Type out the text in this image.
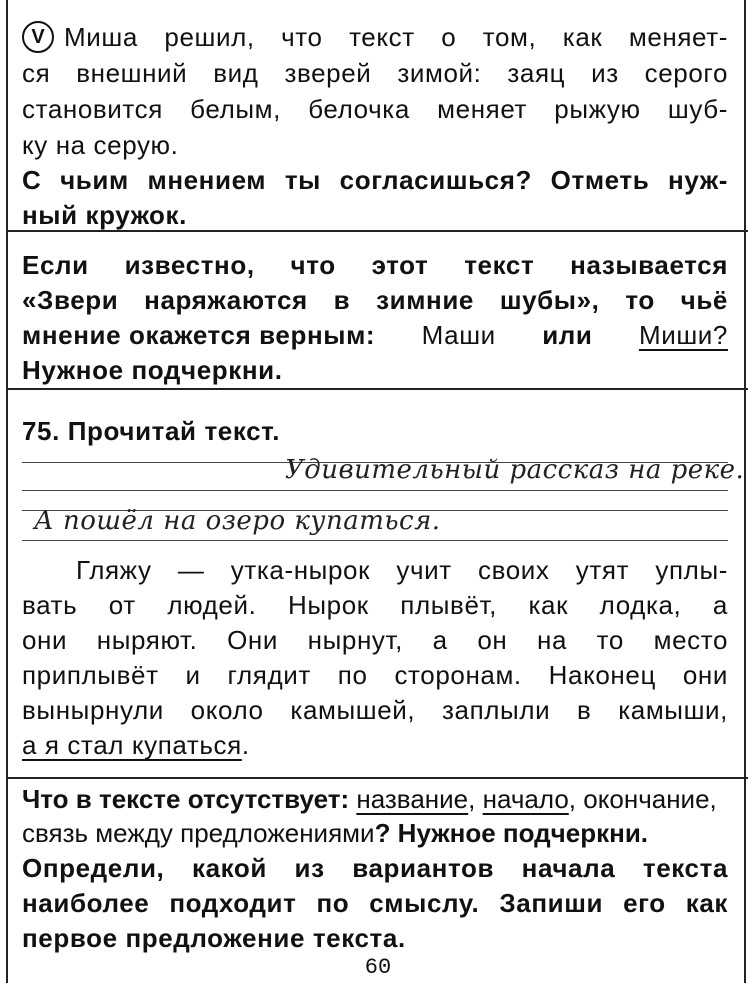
V Миша решил, что текст о том, как меняет-
ся внешний вид зверей зимой: заяц из серого
становится белым, белочка меняет рыжую шуб-
ку на серую.
С чьим мнением ты согласишься? Отметь нуж-
ный кружок.
Если известно, что этот текст называется
«Звери наряжаются в зимние шубы», то чьё
мнение окажется верным: Маши или Миши?
Нужное подчеркни.
75. Прочитай текст.
Удивительный рассказ на реке.
А пошёл на озеро купаться.
Гляжу — утка-нырок учит своих утят уплы-
вать от людей. Нырок плывёт, как лодка, а
они ныряют. Они нырнут, а он на то место
приплывёт и глядит по сторонам. Наконец они
вынырнули около камышей, заплыли в камыши,
а я стал купаться.
Что в тексте отсутствует: название, начало, окончание,
связь между предложениями? Нужное подчеркни.
Определи, какой из вариантов начала текста
наиболее подходит по смыслу. Запиши его как
первое предложение текста.
60
